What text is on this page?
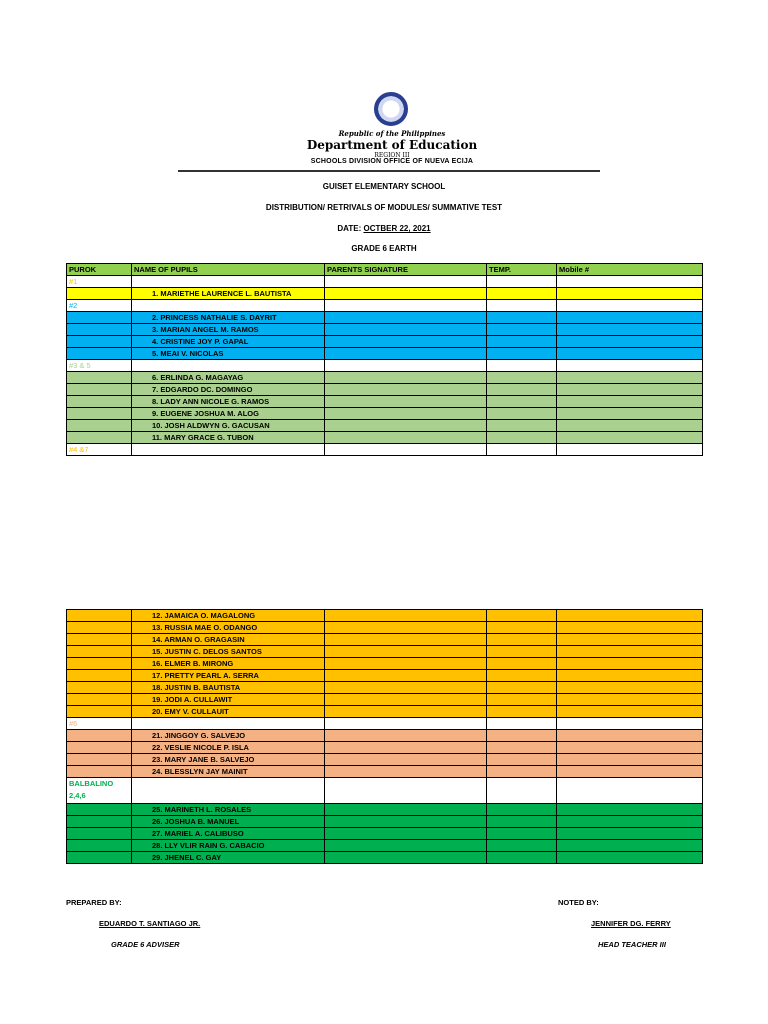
Republic of the Philippines
Department of Education
REGION III
SCHOOLS DIVISION OFFICE OF NUEVA ECIJA
GUISET ELEMENTARY SCHOOL
DISTRIBUTION/ RETRIVALS OF MODULES/ SUMMATIVE TEST
DATE: OCTBER 22, 2021
GRADE 6 EARTH
PUROK	NAME OF PUPILS	PARENTS SIGNATURE	TEMP.	Mobile #
#1				
	1. MARIETHE LAURENCE L. BAUTISTA			
#2				
	2. PRINCESS NATHALIE S. DAYRIT			
	3. MARIAN ANGEL M. RAMOS			
	4. CRISTINE JOY P. GAPAL			
	5. MEAI V. NICOLAS			
#3 & 5				
	6. ERLINDA G. MAGAYAG			
	7. EDGARDO DC. DOMINGO			
	8. LADY ANN NICOLE G. RAMOS			
	9. EUGENE JOSHUA M. ALOG			
	10. JOSH ALDWYN G. GACUSAN			
	11. MARY GRACE G. TUBON			
#4 &7				
	12. JAMAICA O. MAGALONG			
	13. RUSSIA MAE O. ODANGO			
	14. ARMAN O. GRAGASIN			
	15. JUSTIN C. DELOS SANTOS			
	16. ELMER B. MIRONG			
	17. PRETTY PEARL A. SERRA			
	18. JUSTIN B. BAUTISTA			
	19. JODI A. CULLAWIT			
	20. EMY V. CULLAUIT			
#6				
	21. JINGGOY G. SALVEJO			
	22. VESLIE NICOLE P. ISLA			
	23. MARY JANE B. SALVEJO			
	24. BLESSLYN JAY MAINIT			
BALBALINO 2,4,6				
	25. MARINETH L. ROSALES			
	26. JOSHUA B. MANUEL			
	27. MARIEL A. CALIBUSO			
	28. LLY VLIR RAIN G. CABACIO			
	29. JHENEL C. GAY			
PREPARED BY:
EDUARDO T. SANTIAGO JR.
GRADE 6 ADVISER
NOTED BY:
JENNIFER DG. FERRY
HEAD TEACHER III
